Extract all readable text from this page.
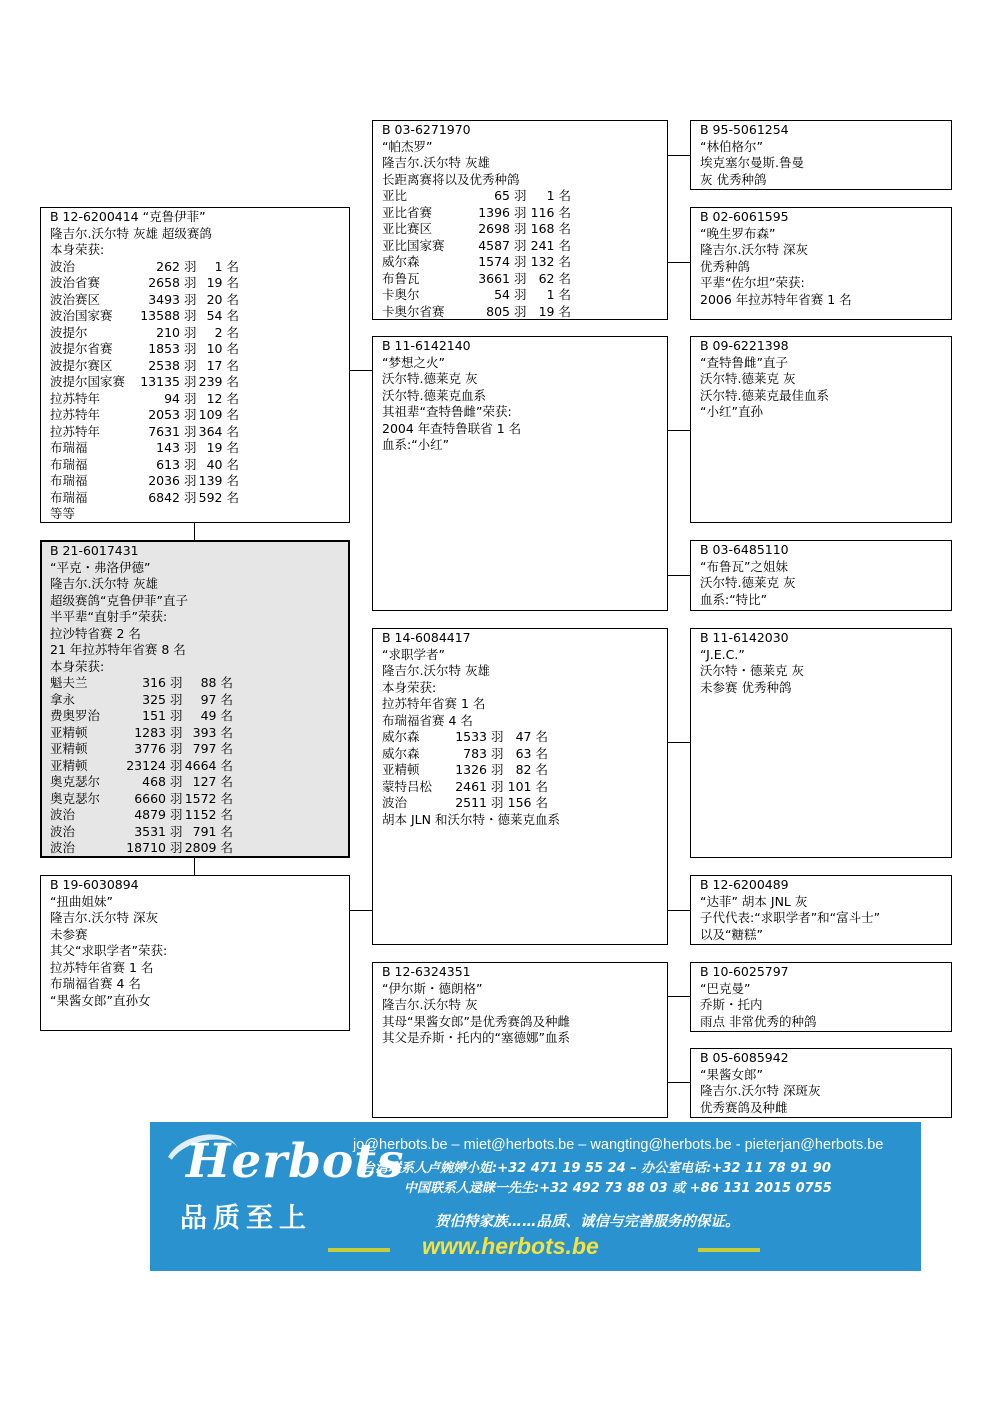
B 21-6017431
“平克・弗洛伊德”
隆吉尔.沃尔特 灰雄
超级赛鸽“克鲁伊菲”直子
半平辈“直射手”荣获:
拉沙特省赛 2 名
21 年拉苏特年省赛 8 名
本身荣获:
魁夫兰	316 羽	88 名
拿永	325 羽	97 名
费奥罗治	151 羽	49 名
亚精顿	1283 羽 393 名
亚精顿	3776 羽 797 名
亚精顿	23124 羽 4664 名
奥克瑟尔	468 羽 127 名
奥克瑟尔	6660 羽 1572 名
波治	4879 羽 1152 名
波治	3531 羽 791 名
波治	18710 羽 2809 名
B 12-6200414 “克鲁伊菲”
隆吉尔.沃尔特 灰雄 超级赛鸽
本身荣获:
波治	262 羽	1 名
波治省赛	2658 羽 19 名
波治赛区	3493 羽 20 名
波治国家赛	13588 羽 54 名
波提尔	210 羽	2 名
波提尔省赛	1853 羽 10 名
波提尔赛区	2538 羽 17 名
波提尔国家赛	13135 羽 239 名
拉苏特年	94 羽 12 名
拉苏特年	2053 羽 109 名
拉苏特年	7631 羽 364 名
布瑞福	143 羽 19 名
布瑞福	613 羽 40 名
布瑞福	2036 羽 139 名
布瑞福	6842 羽 592 名
等等
B 19-6030894
“扭曲姐妹”
隆吉尔.沃尔特 深灰
未参赛
其父“求职学者”荣获:
拉苏特年省赛 1 名
布瑞福省赛 4 名
“果酱女郎”直孙女
B 03-6271970
“帕杰罗”
隆吉尔.沃尔特 灰雄
长距离赛将以及优秀种鸽
亚比	65 羽	1 名
亚比省赛	1396 羽 116 名
亚比赛区	2698 羽 168 名
亚比国家赛	4587 羽 241 名
威尔森	1574 羽 132 名
布鲁瓦	3661 羽 62 名
卡奥尔	54 羽	1 名
卡奥尔省赛	805 羽 19 名
B 11-6142140
“梦想之火”
沃尔特.德莱克 灰
沃尔特.德莱克血系
其祖辈“查特鲁雌”荣获:
2004 年查特鲁联省 1 名
血系:“小红”
B 14-6084417
“求职学者”
隆吉尔.沃尔特 灰雄
本身荣获:
拉苏特年省赛 1 名
布瑞福省赛 4 名
威尔森	1533 羽 47 名
威尔森	783 羽 63 名
亚精顿	1326 羽 82 名
蒙特吕松	2461 羽 101 名
波治	2511 羽 156 名
胡本 JLN 和沃尔特・德莱克血系
B 12-6324351
“伊尔斯・德朗格”
隆吉尔.沃尔特 灰
其母“果酱女郎”是优秀赛鸽及种雌
其父是乔斯・托内的“塞德娜”血系
B 95-5061254
“林伯格尔”
埃克塞尔曼斯.鲁曼
灰 优秀种鸽
B 02-6061595
“晚生罗布森”
隆吉尔.沃尔特 深灰
优秀种鸽
平辈“佐尔坦”荣获:
2006 年拉苏特年省赛 1 名
B 09-6221398
“查特鲁雌”直子
沃尔特.德莱克 灰
沃尔特.德莱克最佳血系
“小红”直孙
B 03-6485110
“布鲁瓦”之姐妹
沃尔特.德莱克 灰
血系:“特比”
B 11-6142030
“J.E.C.”
沃尔特・德莱克 灰
未参赛 优秀种鸽
B 12-6200489
“达菲” 胡本 JNL 灰
子代代表:“求职学者”和“富斗士”
以及“糖糕”
B 10-6025797
“巴克曼”
乔斯・托内
雨点 非常优秀的种鸽
B 05-6085942
“果酱女郎”
隆吉尔.沃尔特 深斑灰
优秀赛鸽及种雌
Herbots
品质至上
jo@herbots.be – miet@herbots.be – wangting@herbots.be - pieterjan@herbots.be
台湾联系人卢婉婷小姐:+32 471 19 55 24 – 办公室电话:+32 11 78 91 90
中国联系人逯睐一先生:+32 492 73 88 03 或 +86 131 2015 0755
贺伯特家族……品质、诚信与完善服务的保证。
www.herbots.be
